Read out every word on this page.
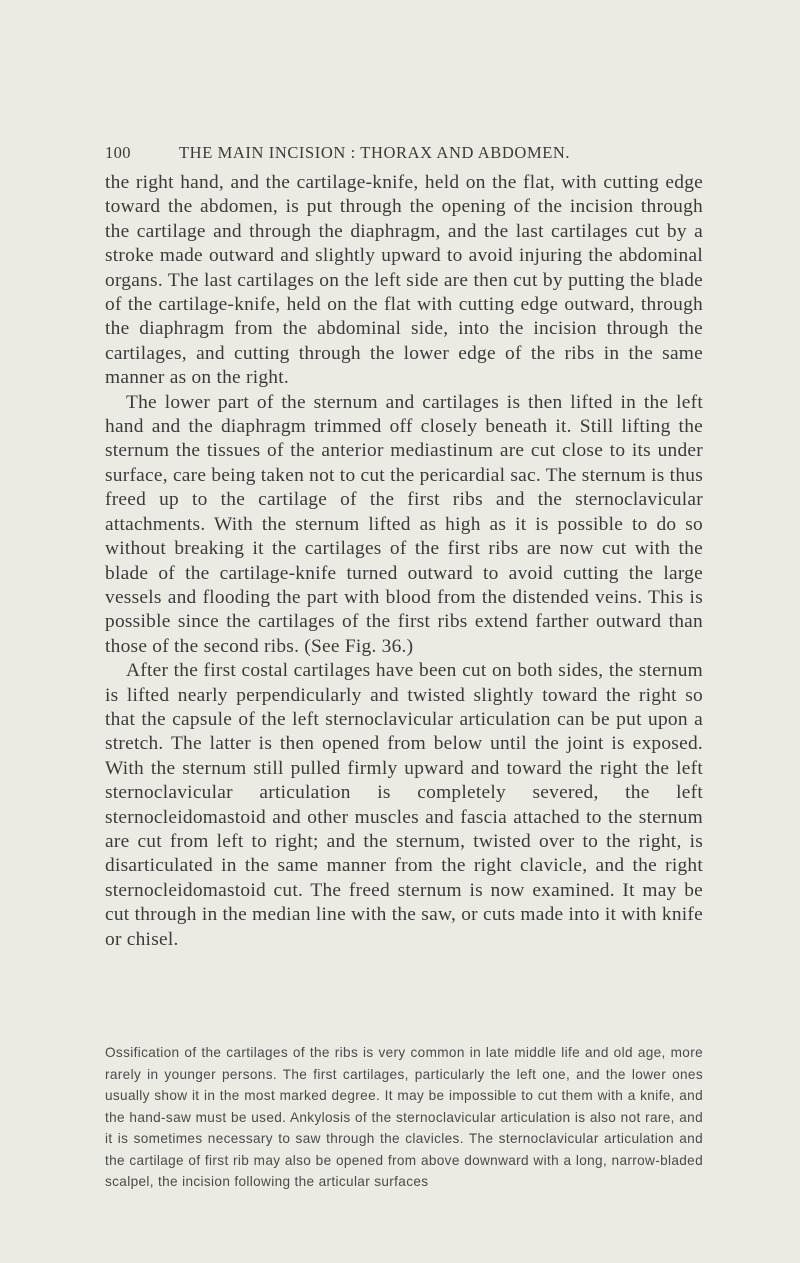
100	THE MAIN INCISION : THORAX AND ABDOMEN.

the right hand, and the cartilage-knife, held on the flat, with cutting edge toward the abdomen, is put through the opening of the incision through the cartilage and through the diaphragm, and the last cartilages cut by a stroke made outward and slightly upward to avoid injuring the abdominal organs. The last cartilages on the left side are then cut by putting the blade of the cartilage-knife, held on the flat with cutting edge outward, through the diaphragm from the abdominal side, into the incision through the cartilages, and cutting through the lower edge of the ribs in the same manner as on the right.

The lower part of the sternum and cartilages is then lifted in the left hand and the diaphragm trimmed off closely beneath it. Still lifting the sternum the tissues of the anterior mediastinum are cut close to its under surface, care being taken not to cut the pericardial sac. The sternum is thus freed up to the cartilage of the first ribs and the sternoclavicular attachments. With the sternum lifted as high as it is possible to do so without breaking it the cartilages of the first ribs are now cut with the blade of the cartilage-knife turned outward to avoid cutting the large vessels and flooding the part with blood from the distended veins. This is possible since the cartilages of the first ribs extend farther outward than those of the second ribs. (See Fig. 36.)

After the first costal cartilages have been cut on both sides, the sternum is lifted nearly perpendicularly and twisted slightly toward the right so that the capsule of the left sternoclavicular articulation can be put upon a stretch. The latter is then opened from below until the joint is exposed. With the sternum still pulled firmly upward and toward the right the left sternoclavicular articulation is completely severed, the left sternocleidomastoid and other muscles and fascia attached to the sternum are cut from left to right; and the sternum, twisted over to the right, is disarticulated in the same manner from the right clavicle, and the right sternocleidomastoid cut. The freed sternum is now examined. It may be cut through in the median line with the saw, or cuts made into it with knife or chisel.

Ossification of the cartilages of the ribs is very common in late middle life and old age, more rarely in younger persons. The first cartilages, particularly the left one, and the lower ones usually show it in the most marked degree. It may be impossible to cut them with a knife, and the hand-saw must be used. Ankylosis of the sternoclavicular articulation is also not rare, and it is sometimes necessary to saw through the clavicles. The sternoclavicular articulation and the cartilage of first rib may also be opened from above downward with a long, narrow-bladed scalpel, the incision following the articular surfaces
